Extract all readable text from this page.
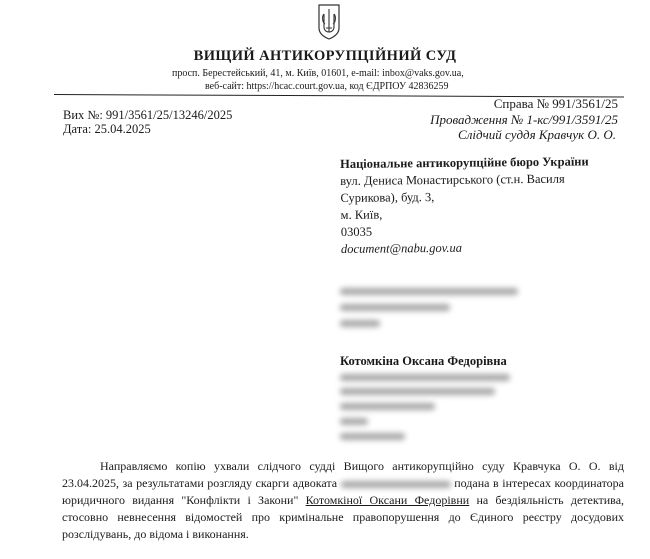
ВИЩИЙ АНТИКОРУПЦІЙНИЙ СУД
просп. Берестейський, 41, м. Київ, 01601, e-mail: inbox@vaks.gov.ua,
веб-сайт: https://hcac.court.gov.ua, код ЄДРПОУ 42836259
Вих №: 991/3561/25/13246/2025
Дата: 25.04.2025
Справа № 991/3561/25
Провадження № 1-кс/991/3591/25
Слідчий суддя Кравчук О. О.
Національне антикорупційне бюро України
вул. Дениса Монастирського (ст.н. Василя
Сурикова), буд. 3,
м. Київ,
03035
document@nabu.gov.ua
Котомкіна Оксана Федорівна
Направляємо копію ухвали слідчого судді Вищого антикорупційно суду Кравчука О. О. від 23.04.2025, за результатами розгляду скарги адвоката	подана в інтересах координатора юридичного видання "Конфлікти і Закони" Котомкіної Оксани Федорівни на бездіяльність детектива, стосовно невнесення відомостей про кримінальне правопорушення до Єдиного реєстру досудових розслідувань, до відома і виконання.
